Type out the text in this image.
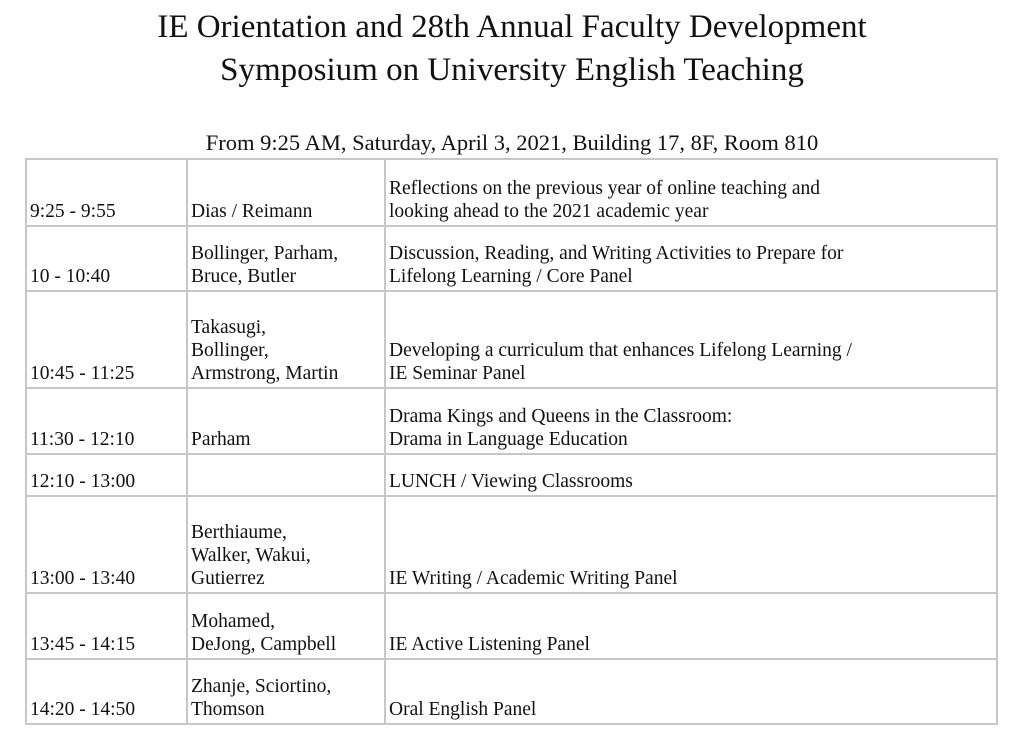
IE Orientation and 28th Annual Faculty Development
Symposium on University English Teaching
From 9:25 AM, Saturday, April 3, 2021, Building 17, 8F, Room 810
9:25 - 9:55	Dias / Reimann	Reflections on the previous year of online teaching and
looking ahead to the 2021 academic year

10 - 10:40	Bollinger, Parham,
Bruce, Butler	Discussion, Reading, and Writing Activities to Prepare for
Lifelong Learning / Core Panel

10:45 - 11:25	Takasugi,
Bollinger,
Armstrong, Martin	Developing a curriculum that enhances Lifelong Learning /
IE Seminar Panel

11:30 - 12:10	Parham	Drama Kings and Queens in the Classroom:
Drama in Language Education

12:10 - 13:00		LUNCH / Viewing Classrooms

13:00 - 13:40	Berthiaume,
Walker, Wakui,
Gutierrez	IE Writing / Academic Writing Panel

13:45 - 14:15	Mohamed,
DeJong, Campbell	IE Active Listening Panel

14:20 - 14:50	Zhanje, Sciortino,
Thomson	Oral English Panel
